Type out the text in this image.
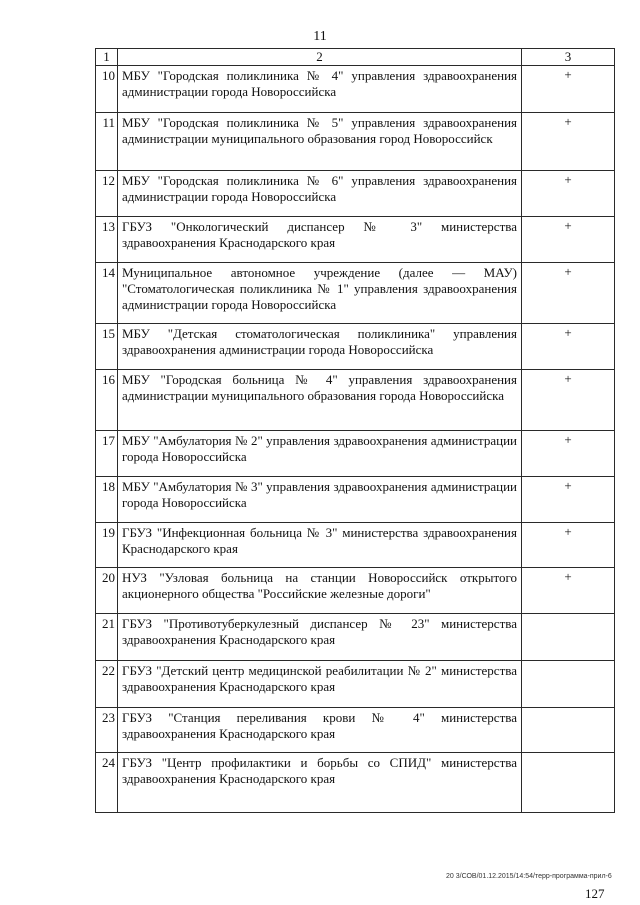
11
1	2	3
10	МБУ "Городская поликлиника № 4" управления здравоохранения администрации города Новороссийска	+
11	МБУ "Городская поликлиника № 5" управления здравоохранения администрации муниципального образования город Новороссийск	+
12	МБУ "Городская поликлиника № 6" управления здравоохранения администрации города Новороссийска	+
13	ГБУЗ "Онкологический диспансер № 3" министерства здравоохранения Краснодарского края	+
14	Муниципальное автономное учреждение (далее — МАУ) "Стоматологическая поликлиника № 1" управления здравоохранения администрации города Новороссийска	+
15	МБУ "Детская стоматологическая поликлиника" управления здравоохранения администрации города Новороссийска	+
16	МБУ "Городская больница № 4" управления здравоохранения администрации муниципального образования города Новороссийска	+
17	МБУ "Амбулатория № 2" управления здравоохранения администрации города Новороссийска	+
18	МБУ "Амбулатория № 3" управления здравоохранения администрации города Новороссийска	+
19	ГБУЗ "Инфекционная больница № 3" министерства здравоохранения Краснодарского края	+
20	НУЗ "Узловая больница на станции Новороссийск открытого акционерного общества "Российские железные дороги"	+
21	ГБУЗ "Противотуберкулезный диспансер № 23" министерства здравоохранения Краснодарского края	
22	ГБУЗ "Детский центр медицинской реабилитации № 2" министерства здравоохранения Краснодарского края	
23	ГБУЗ "Станция переливания крови № 4" министерства здравоохранения Краснодарского края	
24	ГБУЗ "Центр профилактики и борьбы со СПИД" министерства здравоохранения Краснодарского края	
20 3/СОВ/01.12.2015/14:54/терр-программа-прил-6
127
